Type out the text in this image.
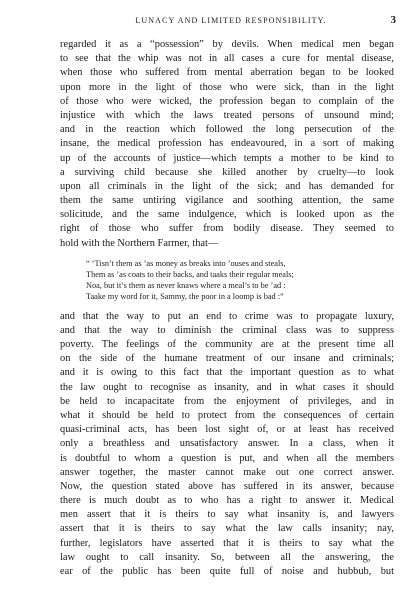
LUNACY AND LIMITED RESPONSIBILITY.	3

regarded it as a “possession” by devils. When medical men began
to see that the whip was not in all cases a cure for mental disease,
when those who suffered from mental aberration began to be looked
upon more in the light of those who were sick, than in the light
of those who were wicked, the profession began to complain of the
injustice with which the laws treated persons of unsound mind;
and in the reaction which followed the long persecution of the
insane, the medical profession has endeavoured, in a sort of making
up of the accounts of justice—which tempts a mother to be kind to
a surviving child because she killed another by cruelty—to look
upon all criminals in the light of the sick; and has demanded for
them the same untiring vigilance and soothing attention, the same
solicitude, and the same indulgence, which is looked upon as the
right of those who suffer from bodily disease. They seemed to
hold with the Northern Farmer, that—

“ ‘Tisn’t them as ’as money as breaks into ’ouses and steals,
Them as ’as coats to their backs, and taaks their regular meals;
Noa, but it’s them as never knaws where a meal’s to be ’ad :
Taake my word for it, Sammy, the poor in a loomp is bad :”

and that the way to put an end to crime was to propagate luxury,
and that the way to diminish the criminal class was to suppress
poverty. The feelings of the community are at the present time all
on the side of the humane treatment of our insane and criminals;
and it is owing to this fact that the important question as to what
the law ought to recognise as insanity, and in what cases it should
be held to incapacitate from the enjoyment of privileges, and in
what it should be held to protect from the consequences of certain
quasi-criminal acts, has been lost sight of, or at least has received
only a breathless and unsatisfactory answer. In a class, when it
is doubtful to whom a question is put, and when all the members
answer together, the master cannot make out one correct answer.
Now, the question stated above has suffered in its answer, because
there is much doubt as to who has a right to answer it. Medical
men assert that it is theirs to say what insanity is, and lawyers
assert that it is theirs to say what the law calls insanity; nay,
further, legislators have asserted that it is theirs to say what the
law ought to call insanity. So, between all the answering, the
ear of the public has been quite full of noise and hubbub, but
